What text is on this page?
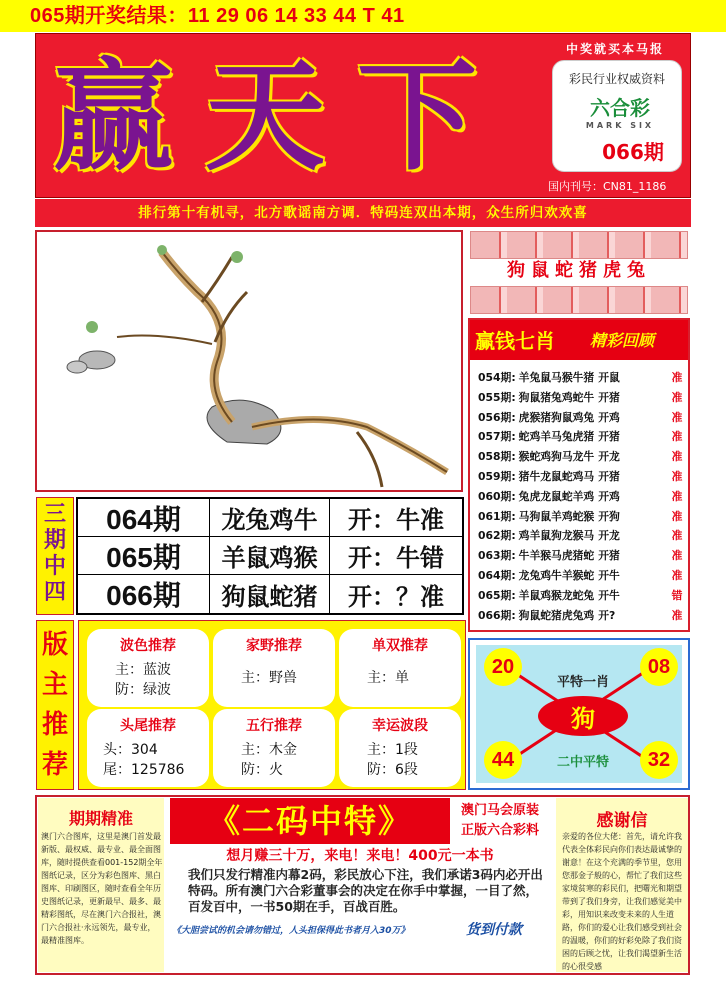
065期开奖结果：11 29 06 14 33 44 T 41
赢 天 下	中奖就买本马报
彩民行业权威资料
六合彩
MARK SIX
066期
国内刊号：CN81_1186
排行第十有机寻，北方歌谣南方调．特码连双出本期，众生所归欢欢喜
狗鼠蛇猪虎兔
赢钱七肖 精彩回顾
054期: 羊兔鼠马猴牛猪 开鼠	准
055期: 狗鼠猪兔鸡蛇牛 开猪	准
056期: 虎猴猪狗鼠鸡兔 开鸡	准
057期: 蛇鸡羊马兔虎猪 开猪	准
058期: 猴蛇鸡狗马龙牛 开龙	准
059期: 猪牛龙鼠蛇鸡马 开猪	准
060期: 兔虎龙鼠蛇羊鸡 开鸡	准
061期: 马狗鼠羊鸡蛇猴 开狗	准
062期: 鸡羊鼠狗龙猴马 开龙	准
063期: 牛羊猴马虎猪蛇 开猪	准
064期: 龙兔鸡牛羊猴蛇 开牛	准
065期: 羊鼠鸡猴龙蛇兔 开牛	错
066期: 狗鼠蛇猪虎兔鸡 开?	准
三
期
中
四
064期	龙兔鸡牛	开：牛准
065期	羊鼠鸡猴	开：牛错
066期	狗鼠蛇猪	开：？准
版
主
推
荐
波色推荐
主：蓝波
防：绿波
家野推荐
主：野兽
单双推荐
主：单
头尾推荐
头：304
尾：125786
五行推荐
主：木金
防：火
幸运波段
主：1段
防：6段
20	08
44	32
平特一肖
狗
二中平特
期期精准
澳门六合图库，这里是澳门首发最新版、最权威、最专业、最全面图库，随时提供查看001-152期全年图纸记录，区分为彩色图库、黑白图库、印刷图区，随时查看全年历史图纸记录，更新最早、最多、最精彩图纸，尽在澳门六合报社，澳门六合报社·永远领先，最专业，最精准图库。
《二码中特》	澳门马会原装
正版六合彩料
想月赚三十万，来电！来电！400元一本书
我们只发行精准内幕2码，彩民放心下注，我们承诺3码内必开出特码。所有澳门六合彩董事会的决定在你手中掌握，一目了然，百发百中，一书50期在手，百战百胜。
《大胆尝试的机会请勿错过，人头担保得此书者月入30万》	货到付款
感谢信
亲爱的各位大佬：首先，请允许我代表全体彩民向你们表达最诚挚的谢意！在这个充满的季节里，您用您那金子般的心，帮忙了我们这些家境贫寒的彩民们，把曙光和期望带到了我们身旁，让我们感觉美中彩，用知识来改变未来的人生道路，你们的爱心让我们感受到社会的温暖，你们的好彩免除了我们资困的后顾之忧，让我们渴望新生活的心很受感
